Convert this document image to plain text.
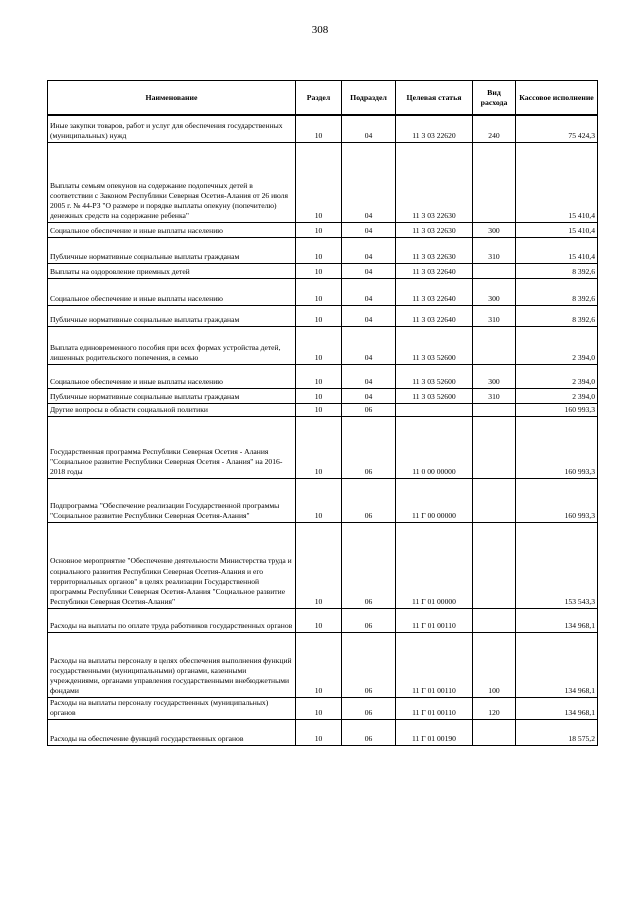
308
Наименование	Раздел	Подраздел	Целевая статья	Вид расхода	Кассовое исполнение
Иные закупки товаров, работ и услуг для обеспечения государственных (муниципальных) нужд	10	04	11 3 03 22620	240	75 424,3
Выплаты семьям опекунов на содержание подопечных детей в соответствии с Законом Республики Северная Осетия-Алания от 26 июля 2005 г. № 44-РЗ "О размере и порядке выплаты опекуну (попечителю) денежных средств на содержание ребенка"	10	04	11 3 03 22630		15 410,4
Социальное обеспечение и иные выплаты населению	10	04	11 3 03 22630	300	15 410,4
Публичные нормативные социальные выплаты гражданам	10	04	11 3 03 22630	310	15 410,4
Выплаты на оздоровление приемных детей	10	04	11 3 03 22640		8 392,6
Социальное обеспечение и иные выплаты населению	10	04	11 3 03 22640	300	8 392,6
Публичные нормативные социальные выплаты гражданам	10	04	11 3 03 22640	310	8 392,6
Выплата единовременного пособия при всех формах устройства детей, лишенных родительского попечения, в семью	10	04	11 3 03 52600		2 394,0
Социальное обеспечение и иные выплаты населению	10	04	11 3 03 52600	300	2 394,0
Публичные нормативные социальные выплаты гражданам	10	04	11 3 03 52600	310	2 394,0
Другие вопросы в области социальной политики	10	06			160 993,3
Государственная программа Республики Северная Осетия - Алания "Социальное развитие Республики Северная Осетия - Алания" на 2016-2018 годы	10	06	11 0 00 00000		160 993,3
Подпрограмма "Обеспечение реализации Государственной программы "Социальное развитие Республики Северная Осетия-Алания"	10	06	11 Г 00 00000		160 993,3
Основное мероприятие "Обеспечение деятельности Министерства труда и социального развития Республики Северная Осетия-Алания и его территориальных органов" в целях реализации Государственной программы Республики Северная Осетия-Алания "Социальное развитие Республики Северная Осетия-Алания"	10	06	11 Г 01 00000		153 543,3
Расходы на выплаты по оплате труда работников государственных органов	10	06	11 Г 01 00110		134 968,1
Расходы на выплаты персоналу в целях обеспечения выполнения функций государственными (муниципальными) органами, казенными учреждениями, органами управления государственными внебюджетными фондами	10	06	11 Г 01 00110	100	134 968,1
Расходы на выплаты персоналу государственных (муниципальных) органов	10	06	11 Г 01 00110	120	134 968,1
Расходы на обеспечение функций государственных органов	10	06	11 Г 01 00190		18 575,2
